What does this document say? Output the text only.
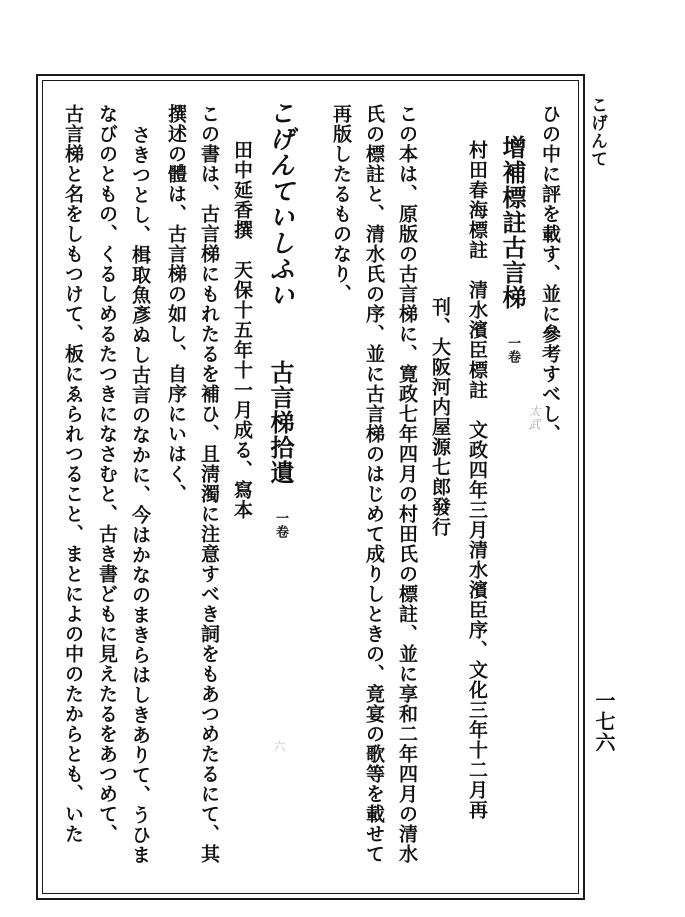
こげんて
一七六
ひの中に評を載す、並に參考すべし、
增補標註古言梯 一卷
村田春海標註　清水濱臣標註　文政四年三月清水濱臣序、文化三年十二月再
刊、大阪河内屋源七郎發行
この本は、原版の古言梯に、寛政七年四月の村田氏の標註、並に享和二年四月の清水
氏の標註と、清水氏の序、並に古言梯のはじめて成りしときの、竟宴の歌等を載せて
再版したるものなり、
こげんていしふい
古言梯拾遺 一卷
田中延香撰　天保十五年十一月成る、寫本
この書は、古言梯にもれたるを補ひ、且淸濁に注意すべき詞をもあつめたるにて、其
撰述の體は、古言梯の如し、自序にいはく、
さきつとし、楫取魚彥ぬし古言のなかに、今はかなのまきらはしきありて、うひま
なびのともの、くるしめるたつきになさむと、古き書どもに見えたるをあつめて、
古言梯と名をしもつけて、板にゑられつること、まとによの中のたからとも、いた	太武
六
